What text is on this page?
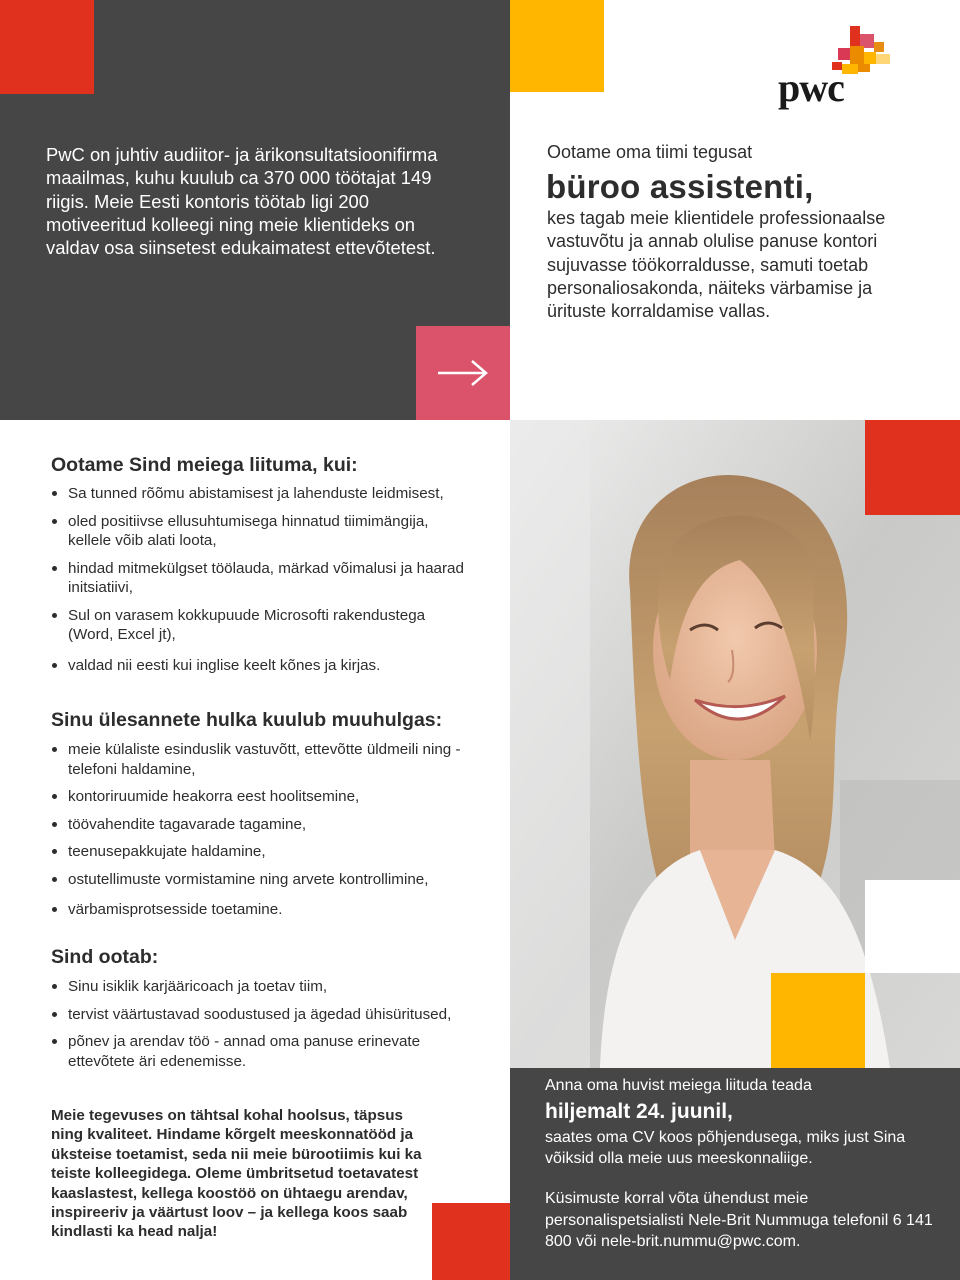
PwC on juhtiv audiitor- ja ärikonsultatsioonifirma maailmas, kuhu kuulub ca 370 000 töötajat 149 riigis. Meie Eesti kontoris töötab ligi 200 motiveeritud kolleegi ning meie klientideks on valdav osa siinsetest edukaimatest ettevõtetest.

pwc
Ootame oma tiimi tegusat
büroo assistenti,

kes tagab meie klientidele professionaalse vastuvõtu ja annab olulise panuse kontori sujuvasse töökorraldusse, samuti toetab personaliosakonda, näiteks värbamise ja ürituste korraldamise vallas.

Ootame Sind meiega liituma, kui:
Sa tunned rõõmu abistamisest ja lahenduste leidmisest,
oled positiivse ellusuhtumisega hinnatud tiimimängija, kellele võib alati loota,
hindad mitmekülgset töölauda, märkad võimalusi ja haarad initsiatiivi,
Sul on varasem kokkupuude Microsofti rakendustega (Word, Excel jt),
valdad nii eesti kui inglise keelt kõnes ja kirjas.
Sinu ülesannete hulka kuulub muuhulgas:
meie külaliste esinduslik vastuvõtt, ettevõtte üldmeili ning -telefoni haldamine,
kontoriruumide heakorra eest hoolitsemine,
töövahendite tagavarade tagamine,
teenusepakkujate haldamine,
ostutellimuste vormistamine ning arvete kontrollimine,
värbamisprotsesside toetamine.
Sind ootab:
Sinu isiklik karjääricoach ja toetav tiim,
tervist väärtustavad soodustused ja ägedad ühisüritused,
põnev ja arendav töö - annad oma panuse erinevate ettevõtete äri edenemisse.

Meie tegevuses on tähtsal kohal hoolsus, täpsus ning kvaliteet. Hindame kõrgelt meeskonnatööd ja üksteise toetamist, seda nii meie bürootiimis kui ka teiste kolleegidega. Oleme ümbritsetud toetavatest kaaslastest, kellega koostöö on ühtaegu arendav, inspireeriv ja väärtust loov – ja kellega koos saab kindlasti ka head nalja!

Anna oma huvist meiega liituda teada
hiljemalt 24. juunil,

saates oma CV koos põhjendusega, miks just Sina võiksid olla meie uus meeskonnaliige.

Küsimuste korral võta ühendust meie personalispetsialisti Nele-Brit Nummuga telefonil 6 141 800 või nele-brit.nummu@pwc.com.
